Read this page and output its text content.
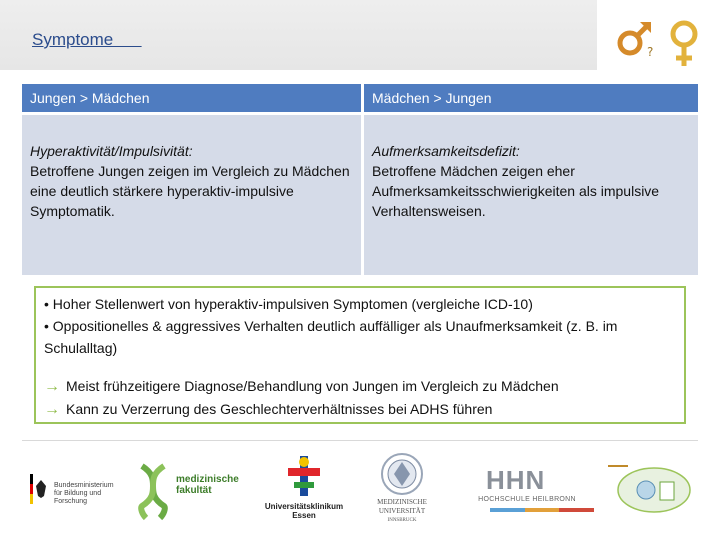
Symptome
?
Jungen > Mädchen	Mädchen > Jungen
Hyperaktivität/Impulsivität:
Betroffene Jungen zeigen im Vergleich zu Mädchen eine deutlich stärkere hyperaktiv-impulsive Symptomatik.
Aufmerksamkeitsdefizit:
Betroffene Mädchen zeigen eher Aufmerksamkeitsschwierigkeiten als impulsive Verhaltensweisen.

• Hoher Stellenwert von hyperaktiv-impulsiven Symptomen (vergleiche ICD-10)

• Oppositionelles & aggressives Verhalten deutlich auffälliger als Unaufmerksamkeit (z. B. im Schulalltag)

→ Meist frühzeitigere Diagnose/Behandlung von Jungen im Vergleich zu Mädchen
→ Kann zu Verzerrung des Geschlechterverhältnisses bei ADHS führen
Bundesministerium für Bildung und Forschung
medizinische
fakultät
Universitätsklinikum
Essen
MEDIZINISCHE
UNIVERSITÄT
INNSBRUCK
HHN
HOCHSCHULE HEILBRONN
